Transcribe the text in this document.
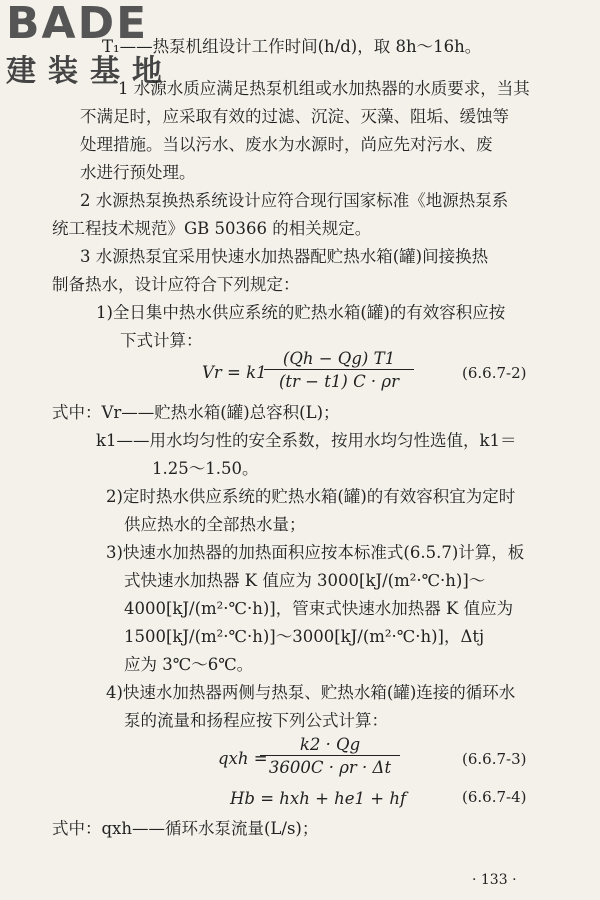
BADE
建装基地
T₁——热泵机组设计工作时间(h/d)，取 8h～16h。
1 水源水质应满足热泵机组或水加热器的水质要求，当其
不满足时，应采取有效的过滤、沉淀、灭藻、阻垢、缓蚀等
处理措施。当以污水、废水为水源时，尚应先对污水、废
水进行预处理。
2 水源热泵换热系统设计应符合现行国家标准《地源热泵系
统工程技术规范》GB 50366 的相关规定。
3 水源热泵宜采用快速水加热器配贮热水箱(罐)间接换热
制备热水，设计应符合下列规定：
1)全日集中热水供应系统的贮热水箱(罐)的有效容积应按
下式计算：
Vr = k1
$\frac{(Qh - Qg) T1}{(tr - t1) C \cdot \rho r}$	(6.6.7-2)
式中：Vr——贮热水箱(罐)总容积(L)；
k1——用水均匀性的安全系数，按用水均匀性选值，k1＝
1.25～1.50。
2)定时热水供应系统的贮热水箱(罐)的有效容积宜为定时
供应热水的全部热水量；
3)快速水加热器的加热面积应按本标准式(6.5.7)计算，板
式快速水加热器 K 值应为 3000[kJ/(m²·℃·h)]～
4000[kJ/(m²·℃·h)]，管束式快速水加热器 K 值应为
1500[kJ/(m²·℃·h)]～3000[kJ/(m²·℃·h)]，Δtj
应为 3℃～6℃。
4)快速水加热器两侧与热泵、贮热水箱(罐)连接的循环水
泵的流量和扬程应按下列公式计算：
qxh =
$\frac{k2 \cdot Qg}{3600C \cdot \rho r \cdot \Delta t}$	(6.6.7-3)
Hb = hxh + he1 + hf	(6.6.7-4)
式中：qxh——循环水泵流量(L/s)；
· 133 ·
